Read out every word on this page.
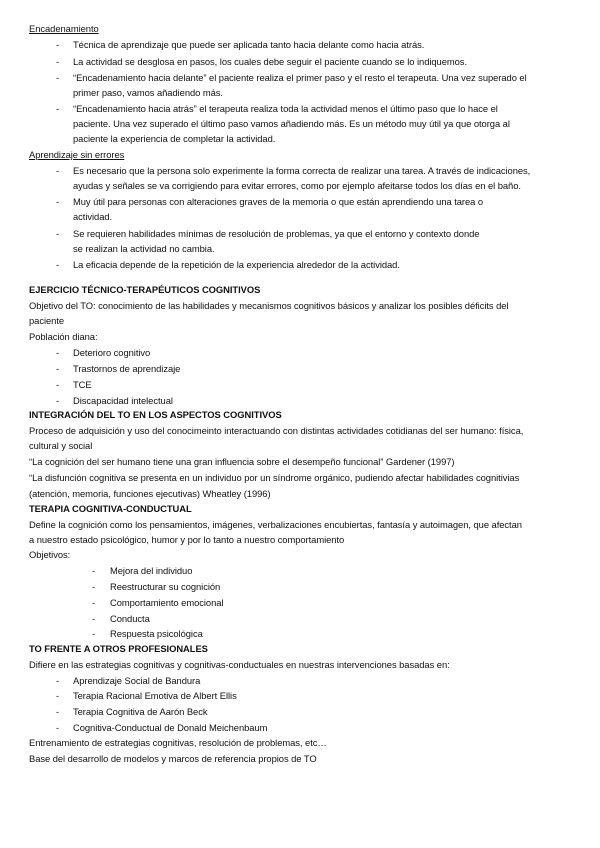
Encadenamiento
- Técnica de aprendizaje que puede ser aplicada tanto hacia delante como hacia atrás.
- La actividad se desglosa en pasos, los cuales debe seguir el paciente cuando se lo indiquemos.
- “Encadenamiento hacia delante” el paciente realiza el primer paso y el resto el terapeuta. Una vez superado el
primer paso, vamos añadiendo más.
- “Encadenamiento hacia atrás” el terapeuta realiza toda la actividad menos el último paso que lo hace el
paciente. Una vez superado el último paso vamos añadiendo más. Es un método muy útil ya que otorga al
paciente la experiencia de completar la actividad.
Aprendizaje sin errores
- Es necesario que la persona solo experimente la forma correcta de realizar una tarea. A través de indicaciones,
ayudas y señales se va corrigiendo para evitar errores, como por ejemplo afeitarse todos los días en el baño.
- Muy útil para personas con alteraciones graves de la memoria o que están aprendiendo una tarea o
actividad.
- Se requieren habilidades mínimas de resolución de problemas, ya que el entorno y contexto donde
se realizan la actividad no cambia.
- La eficacia depende de la repetición de la experiencia alrededor de la actividad.
EJERCICIO TÉCNICO-TERAPÉUTICOS COGNITIVOS
Objetivo del TO: conocimiento de las habilidades y mecanismos cognitivos básicos y analizar los posibles déficits del
paciente
Población diana:
- Deterioro cognitivo
- Trastornos de aprendizaje
- TCE
- Discapacidad intelectual
INTEGRACIÓN DEL TO EN LOS ASPECTOS COGNITIVOS
Proceso de adquisición y uso del conocimeinto interactuando con distintas actividades cotidianas del ser humano: física,
cultural y social
“La cognición del ser humano tiene una gran influencia sobre el desempeño funcional” Gardener (1997)
“La disfunción cognitiva se presenta en un individuo por un síndrome orgánico, pudiendo afectar habilidades cognitivias
(atención, memoria, funciones ejecutivas) Wheatley (1996)
TERAPIA COGNITIVA-CONDUCTUAL
Define la cognición como los pensamientos, imágenes, verbalizaciones encubiertas, fantasía y autoimagen, que afectan
a nuestro estado psicológico, humor y por lo tanto a nuestro comportamiento
Objetivos:
- Mejora del individuo
- Reestructurar su cognición
- Comportamiento emocional
- Conducta
- Respuesta psicológica
TO FRENTE A OTROS PROFESIONALES
Difiere en las estrategias cognitivas y cognitivas-conductuales en nuestras intervenciones basadas en:
- Aprendizaje Social de Bandura
- Terapia Racional Emotiva de Albert Ellis
- Terapia Cognitiva de Aarón Beck
- Cognitiva-Conductual de Donald Meichenbaum
Entrenamiento de estrategias cognitivas, resolución de problemas, etc…
Base del desarrollo de modelos y marcos de referencia propios de TO
